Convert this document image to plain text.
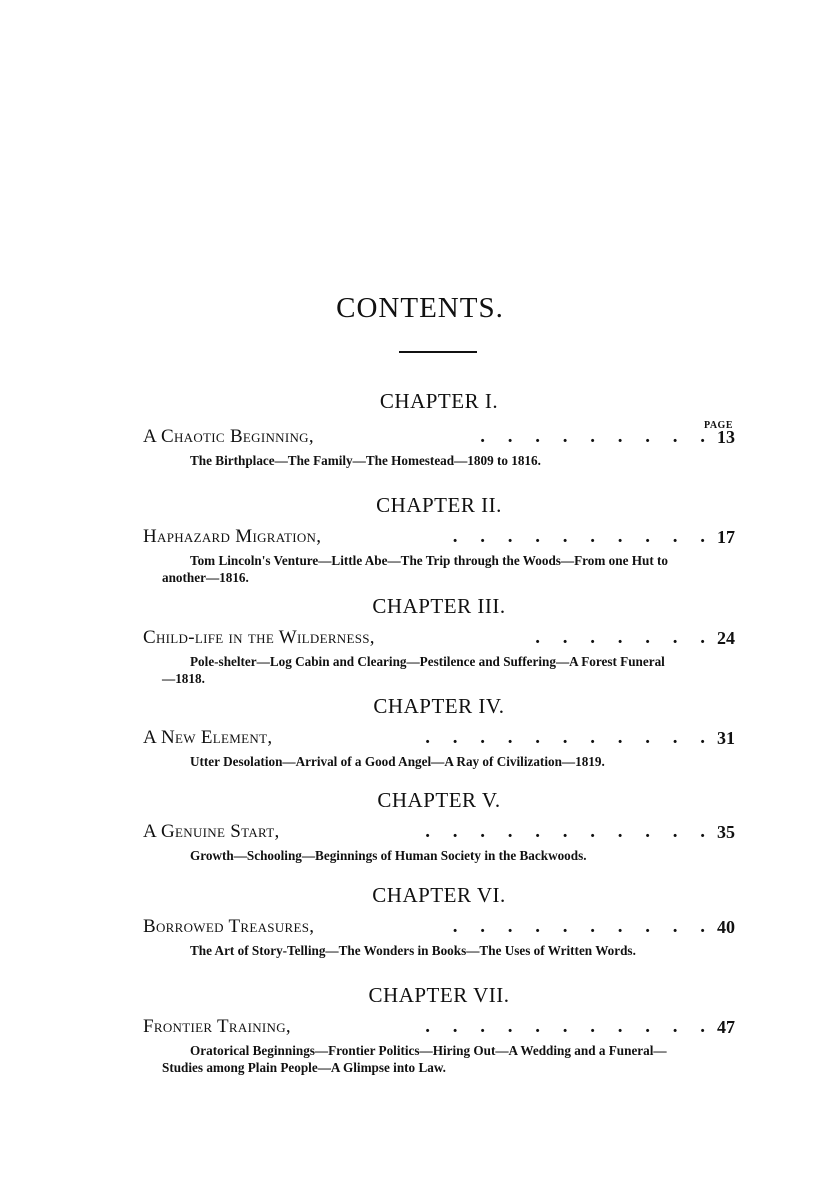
CONTENTS.
CHAPTER I.
PAGE
A Chaotic Beginning,	. . . . . . . . . 13
The Birthplace—The Family—The Homestead—1809 to 1816.
CHAPTER II.
Haphazard Migration,	. . . . . . . . . . 17
Tom Lincoln's Venture—Little Abe—The Trip through the Woods—From one Hut to another—1816.
CHAPTER III.
Child-life in the Wilderness,	. . . . . . . 24
Pole-shelter—Log Cabin and Clearing—Pestilence and Suffering—A Forest Funeral—1818.
CHAPTER IV.
A New Element,	. . . . . . . . . . . 31
Utter Desolation—Arrival of a Good Angel—A Ray of Civilization—1819.
CHAPTER V.
A Genuine Start,	. . . . . . . . . . . 35
Growth—Schooling—Beginnings of Human Society in the Backwoods.
CHAPTER VI.
Borrowed Treasures,	. . . . . . . . . . 40
The Art of Story-Telling—The Wonders in Books—The Uses of Written Words.
CHAPTER VII.
Frontier Training,	. . . . . . . . . . . 47
Oratorical Beginnings—Frontier Politics—Hiring Out—A Wedding and a Funeral—Studies among Plain People—A Glimpse into Law.
